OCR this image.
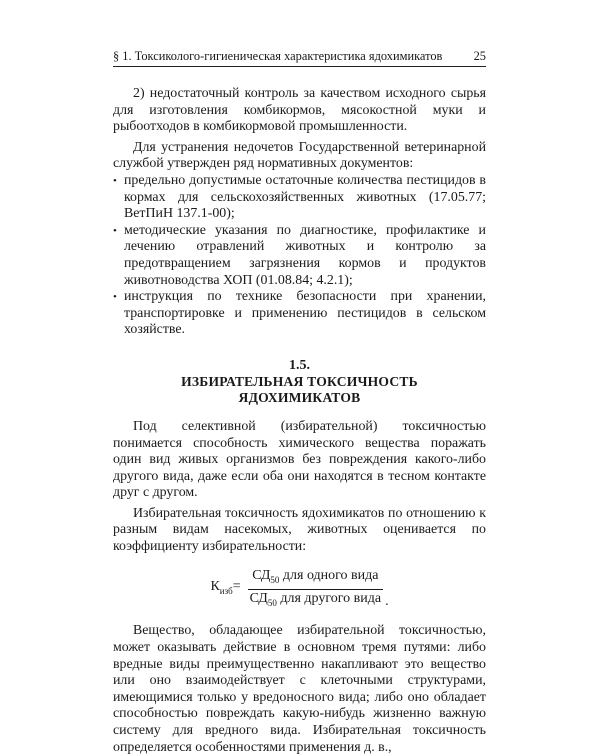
§ 1. Токсиколого-гигиеническая характеристика ядохимикатов	25

2) недостаточный контроль за качеством исходного сырья для изготовления комбикормов, мясокостной муки и рыбоотходов в комбикормовой промышленности.

Для устранения недочетов Государственной ветеринарной службой утвержден ряд нормативных документов:

• предельно допустимые остаточные количества пестицидов в кормах для сельскохозяйственных животных (17.05.77; ВетПиН 137.1-00);
• методические указания по диагностике, профилактике и лечению отравлений животных и контролю за предотвращением загрязнения кормов и продуктов животноводства ХОП (01.08.84; 4.2.1);
• инструкция по технике безопасности при хранении, транспортировке и применению пестицидов в сельском хозяйстве.
1.5.
ИЗБИРАТЕЛЬНАЯ ТОКСИЧНОСТЬ
ЯДОХИМИКАТОВ

Под селективной (избирательной) токсичностью понимается способность химического вещества поражать один вид живых организмов без повреждения какого-либо другого вида, даже если оба они находятся в тесном контакте друг с другом.

Избирательная токсичность ядохимикатов по отношению к разным видам насекомых, животных оценивается по коэффициенту избирательности:

$К_{изб}= \frac{СД_{50} для одного вида}{СД_{50} для другого вида}$ .

Вещество, обладающее избирательной токсичностью, может оказывать действие в основном тремя путями: либо вредные виды преимущественно накапливают это вещество или оно взаимодействует с клеточными структурами, имеющимися только у вредоносного вида; либо оно обладает способностью повреждать какую-нибудь жизненно важную систему для вредного вида. Избирательная токсичность определяется особенностями применения д. в.,
